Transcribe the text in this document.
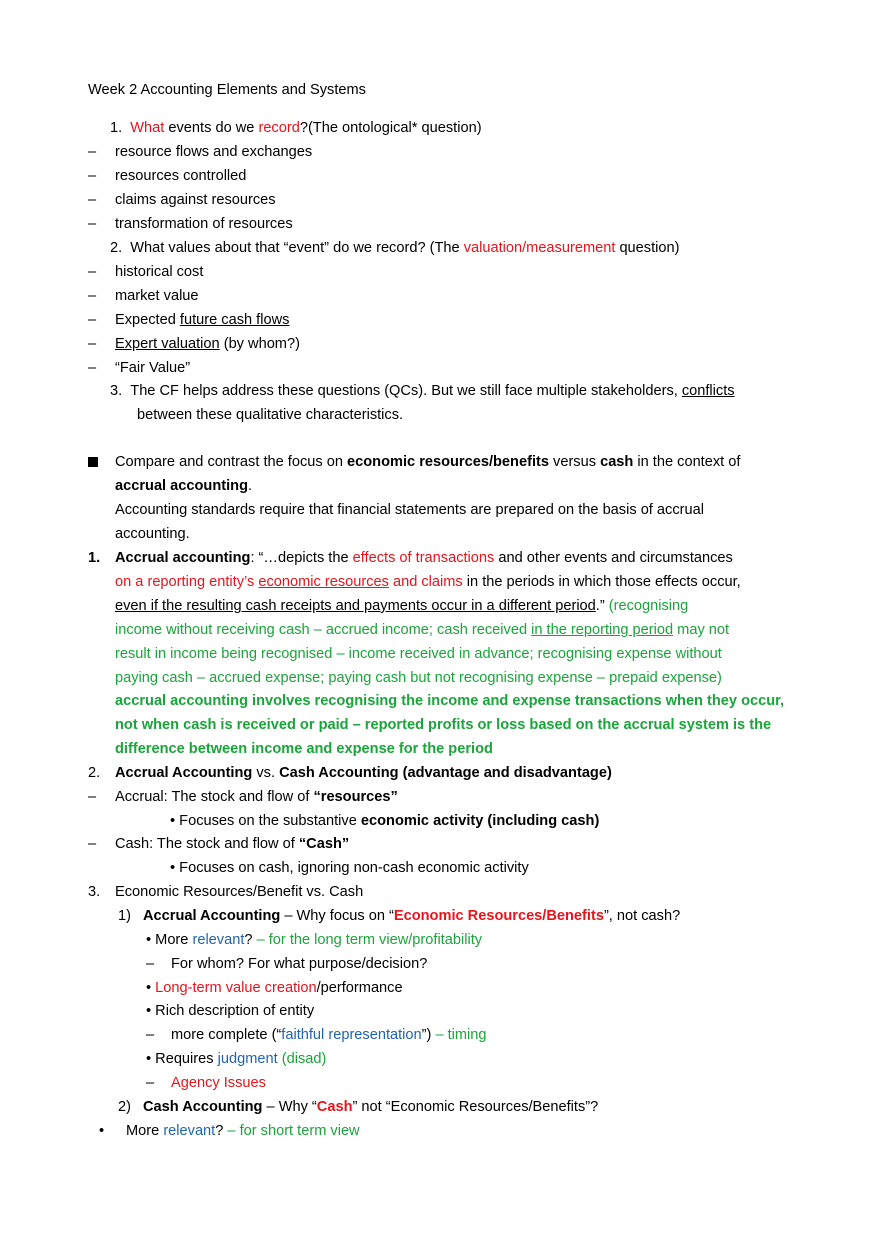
Week 2 Accounting Elements and Systems
1. What events do we record?(The ontological* question)
– resource flows and exchanges
– resources controlled
– claims against resources
– transformation of resources
2. What values about that “event” do we record? (The valuation/measurement question)
– historical cost
– market value
– Expected future cash flows
– Expert valuation (by whom?)
– “Fair Value”
3. The CF helps address these questions (QCs). But we still face multiple stakeholders, conflicts
between these qualitative characteristics.
Compare and contrast the focus on economic resources/benefits versus cash in the context of
accrual accounting.
Accounting standards require that financial statements are prepared on the basis of accrual
accounting.
1. Accrual accounting: “…depicts the effects of transactions and other events and circumstances
on a reporting entity’s economic resources and claims in the periods in which those effects occur,
even if the resulting cash receipts and payments occur in a different period.” (recognising
income without receiving cash – accrued income; cash received in the reporting period may not
result in income being recognised – income received in advance; recognising expense without
paying cash – accrued expense; paying cash but not recognising expense – prepaid expense)
accrual accounting involves recognising the income and expense transactions when they occur,
not when cash is received or paid – reported profits or loss based on the accrual system is the
difference between income and expense for the period
2. Accrual Accounting vs. Cash Accounting (advantage and disadvantage)
– Accrual: The stock and flow of “resources”
• Focuses on the substantive economic activity (including cash)
– Cash: The stock and flow of “Cash”
• Focuses on cash, ignoring non-cash economic activity
3. Economic Resources/Benefit vs. Cash
1) Accrual Accounting – Why focus on “Economic Resources/Benefits”, not cash?
• More relevant? – for the long term view/profitability
– For whom? For what purpose/decision?
• Long-term value creation/performance
• Rich description of entity
– more complete (“faithful representation”) – timing
• Requires judgment (disad)
– Agency Issues
2) Cash Accounting – Why “Cash” not “Economic Resources/Benefits”?
• More relevant? – for short term view
